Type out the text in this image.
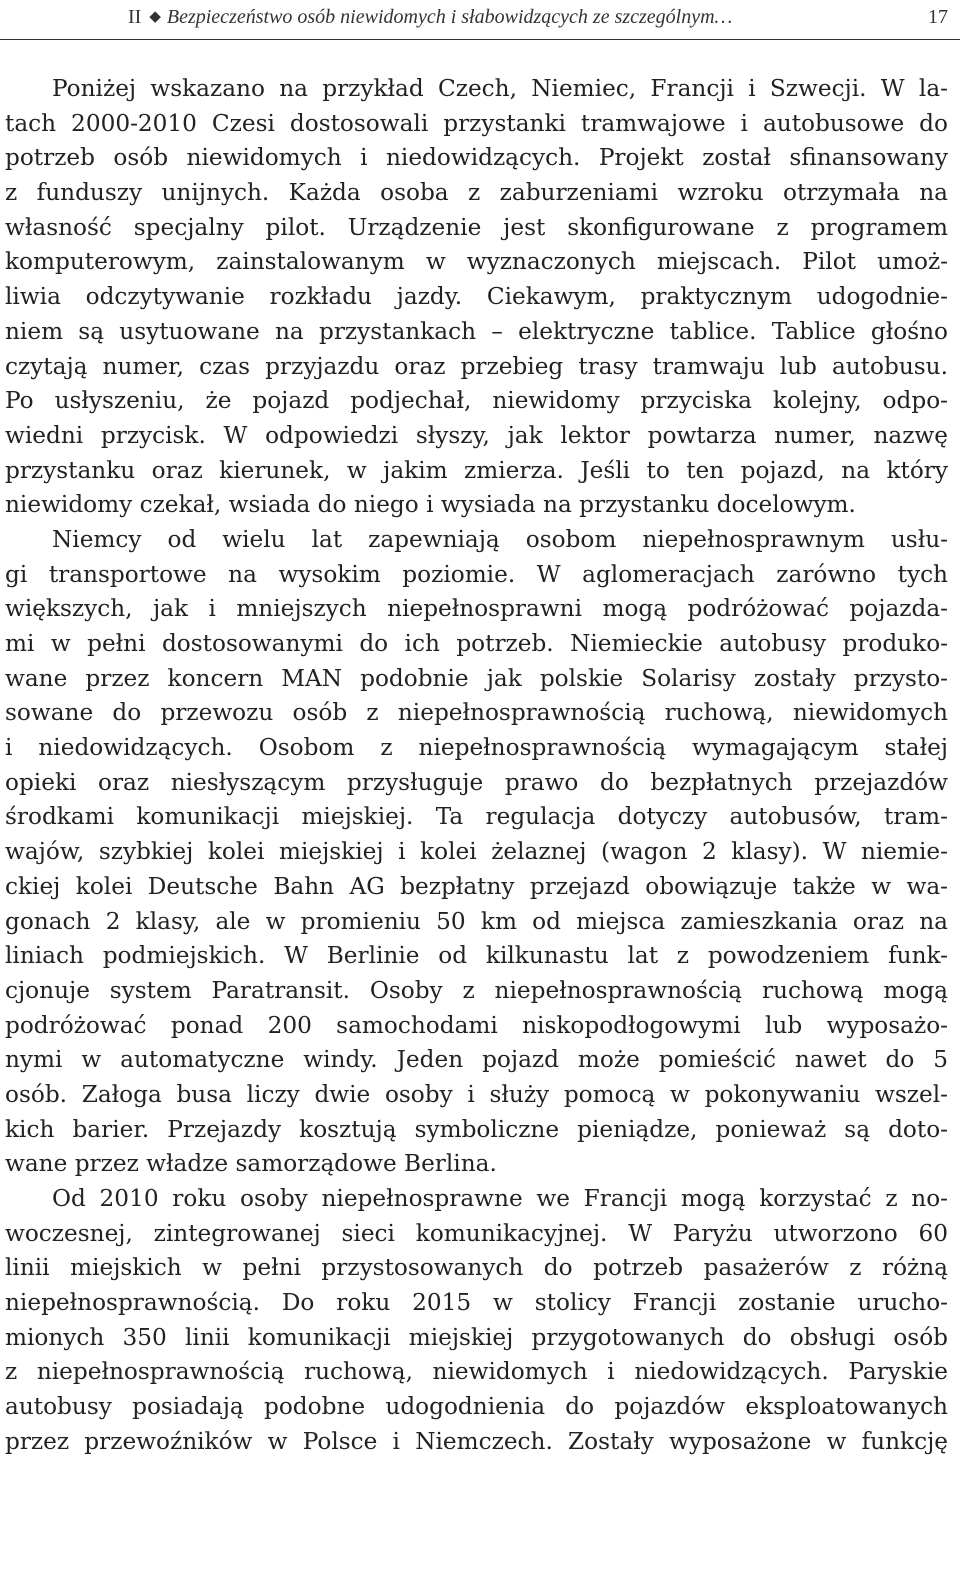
II ◆ Bezpieczeństwo osób niewidomych i słabowidzących ze szczególnym…	17
Poniżej wskazano na przykład Czech, Niemiec, Francji i Szwecji. W la-
tach 2000-2010 Czesi dostosowali przystanki tramwajowe i autobusowe do
potrzeb osób niewidomych i niedowidzących. Projekt został sfinansowany
z funduszy unijnych. Każda osoba z zaburzeniami wzroku otrzymała na
własność specjalny pilot. Urządzenie jest skonfigurowane z programem
komputerowym, zainstalowanym w wyznaczonych miejscach. Pilot umoż-
liwia odczytywanie rozkładu jazdy. Ciekawym, praktycznym udogodnie-
niem są usytuowane na przystankach – elektryczne tablice. Tablice głośno
czytają numer, czas przyjazdu oraz przebieg trasy tramwaju lub autobusu.
Po usłyszeniu, że pojazd podjechał, niewidomy przyciska kolejny, odpo-
wiedni przycisk. W odpowiedzi słyszy, jak lektor powtarza numer, nazwę
przystanku oraz kierunek, w jakim zmierza. Jeśli to ten pojazd, na który
niewidomy czekał, wsiada do niego i wysiada na przystanku docelowym.
Niemcy od wielu lat zapewniają osobom niepełnosprawnym usłu-
gi transportowe na wysokim poziomie. W aglomeracjach zarówno tych
większych, jak i mniejszych niepełnosprawni mogą podróżować pojazda-
mi w pełni dostosowanymi do ich potrzeb. Niemieckie autobusy produko-
wane przez koncern MAN podobnie jak polskie Solarisy zostały przysto-
sowane do przewozu osób z niepełnosprawnością ruchową, niewidomych
i niedowidzących. Osobom z niepełnosprawnością wymagającym stałej
opieki oraz niesłyszącym przysługuje prawo do bezpłatnych przejazdów
środkami komunikacji miejskiej. Ta regulacja dotyczy autobusów, tram-
wajów, szybkiej kolei miejskiej i kolei żelaznej (wagon 2 klasy). W niemie-
ckiej kolei Deutsche Bahn AG bezpłatny przejazd obowiązuje także w wa-
gonach 2 klasy, ale w promieniu 50 km od miejsca zamieszkania oraz na
liniach podmiejskich. W Berlinie od kilkunastu lat z powodzeniem funk-
cjonuje system Paratransit. Osoby z niepełnosprawnością ruchową mogą
podróżować ponad 200 samochodami niskopodłogowymi lub wyposażo-
nymi w automatyczne windy. Jeden pojazd może pomieścić nawet do 5
osób. Załoga busa liczy dwie osoby i służy pomocą w pokonywaniu wszel-
kich barier. Przejazdy kosztują symboliczne pieniądze, ponieważ są doto-
wane przez władze samorządowe Berlina.
Od 2010 roku osoby niepełnosprawne we Francji mogą korzystać z no-
woczesnej, zintegrowanej sieci komunikacyjnej. W Paryżu utworzono 60
linii miejskich w pełni przystosowanych do potrzeb pasażerów z różną
niepełnosprawnością. Do roku 2015 w stolicy Francji zostanie urucho-
mionych 350 linii komunikacji miejskiej przygotowanych do obsługi osób
z niepełnosprawnością ruchową, niewidomych i niedowidzących. Paryskie
autobusy posiadają podobne udogodnienia do pojazdów eksploatowanych
przez przewoźników w Polsce i Niemczech. Zostały wyposażone w funkcję
